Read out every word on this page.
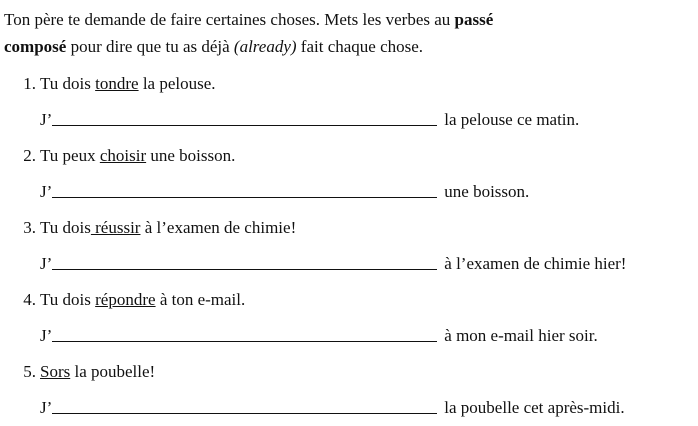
Ton père te demande de faire certaines choses. Mets les verbes au passé
composé pour dire que tu as déjà (already) fait chaque chose.

1. Tu dois tondre la pelouse.
J’	la pelouse ce matin.
2. Tu peux choisir une boisson.
J’	une boisson.
3. Tu dois réussir à l’examen de chimie!
J’	à l’examen de chimie hier!
4. Tu dois répondre à ton e-mail.
J’	à mon e-mail hier soir.
5. Sors la poubelle!
J’	la poubelle cet après-midi.
